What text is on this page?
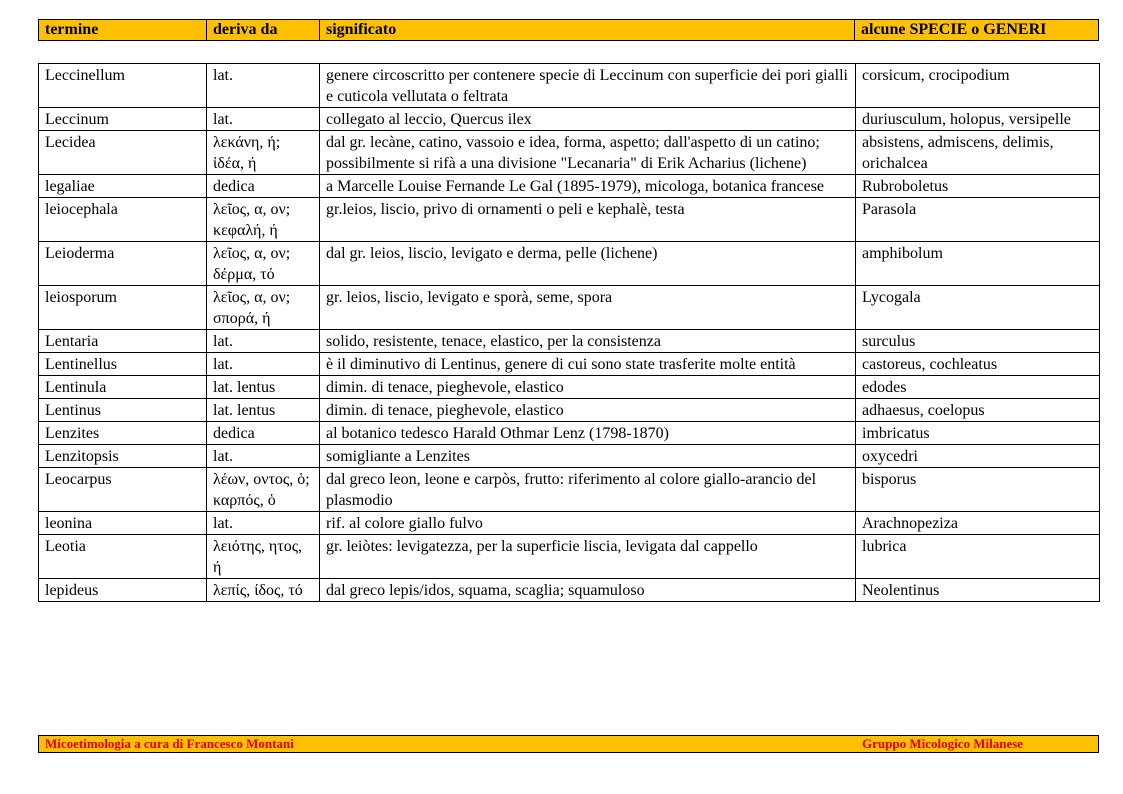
termine	deriva da	significato	alcune SPECIE o GENERI
Leccinellum	lat.	genere circoscritto per contenere specie di Leccinum con superficie dei pori gialli e cuticola vellutata o feltrata	corsicum, crocipodium
Leccinum	lat.	collegato al leccio, Quercus ilex	duriusculum, holopus, versipelle
Lecidea	λεκάνη, ή; ἰδέα, ή	dal gr. lecàne, catino, vassoio e idea, forma, aspetto; dall'aspetto di un catino; possibilmente si rifà a una divisione "Lecanaria" di Erik Acharius (lichene)	absistens, admiscens, delimis, orichalcea
legaliae	dedica	a Marcelle Louise Fernande Le Gal (1895-1979), micologa, botanica francese	Rubroboletus
leiocephala	λεῖος, α, ον; κεφαλή, ή	gr.leios, liscio, privo di ornamenti o peli e kephalè, testa	Parasola
Leioderma	λεῖος, α, ον; δέρμα, τό	dal gr. leios, liscio, levigato e derma, pelle (lichene)	amphibolum
leiosporum	λεῖος, α, ον; σπορά, ή	gr. leios, liscio, levigato e sporà, seme, spora	Lycogala
Lentaria	lat.	solido, resistente, tenace, elastico, per la consistenza	surculus
Lentinellus	lat.	è il diminutivo di Lentinus, genere di cui sono state trasferite molte entità	castoreus, cochleatus
Lentinula	lat. lentus	dimin. di tenace, pieghevole, elastico	edodes
Lentinus	lat. lentus	dimin. di tenace, pieghevole, elastico	adhaesus, coelopus
Lenzites	dedica	al botanico tedesco Harald Othmar Lenz (1798-1870)	imbricatus
Lenzitopsis	lat.	somigliante a Lenzites	oxycedri
Leocarpus	λέων, οντος, ὁ; καρπός, ὁ	dal greco leon, leone e carpòs, frutto: riferimento al colore giallo-arancio del plasmodio	bisporus
leonina	lat.	rif. al colore giallo fulvo	Arachnopeziza
Leotia	λειότης, ητος, ή	gr. leiòtes: levigatezza, per la superficie liscia, levigata dal cappello	lubrica
lepideus	λεπίς, ίδος, τό	dal greco lepis/idos, squama, scaglia; squamuloso	Neolentinus
Micoetimologia a cura di Francesco Montani	Gruppo Micologico Milanese
